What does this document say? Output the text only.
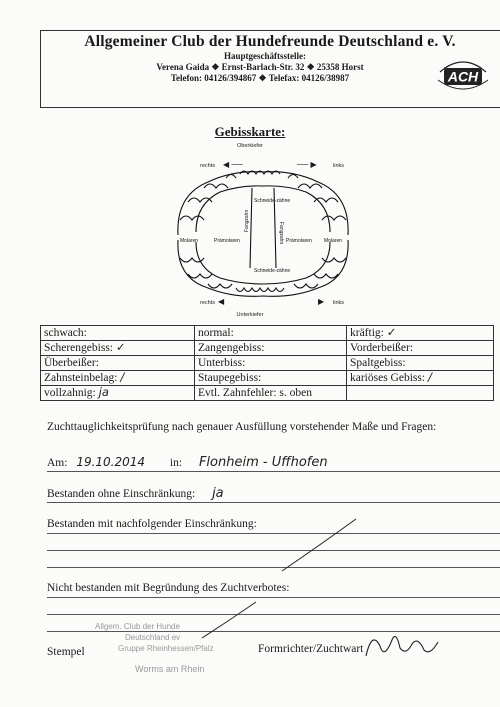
Allgemeiner Club der Hundefreunde Deutschland e. V.
Hauptgeschäftsstelle:
Verena Gaida ❖ Ernst-Barlach-Str. 32 ❖ 25358 Horst
Telefon: 04126/394867 ❖ Telefax: 04126/38987	ACH
Gebisskarte:
Oberkiefer
rechts ◀ ──	── ▶	links
Molaren	Prämolaren
Fangzahn
Schneide-zähne
Fangzahn Prämolaren Molaren
Schneide-zähne
rechts ◀	▶ links
Unterkiefer
schwach:	normal:	kräftig: ✓
Scherengebiss: ✓	Zangengebiss:	Vorderbeißer:
Überbeißer:	Unterbiss:	Spaltgebiss:
Zahnsteinbelag: /	Staupegebiss:	kariöses Gebiss: /
vollzahnig: ja	Evtl. Zahnfehler: s. oben	
Zuchttauglichkeitsprüfung nach genauer Ausfüllung vorstehender Maße und Fragen:
Am: 19.10.2014 in: Flonheim - Uffhofen
Bestanden ohne Einschränkung: ja
Bestanden mit nachfolgender Einschränkung:
Nicht bestanden mit Begründung des Zuchtverbotes:
Allgem. Club der Hunde
Deutschland ev
Gruppe Rheinhessen/Pfalz
Worms am Rhein
Stempel	Formrichter/Zuchtwart
